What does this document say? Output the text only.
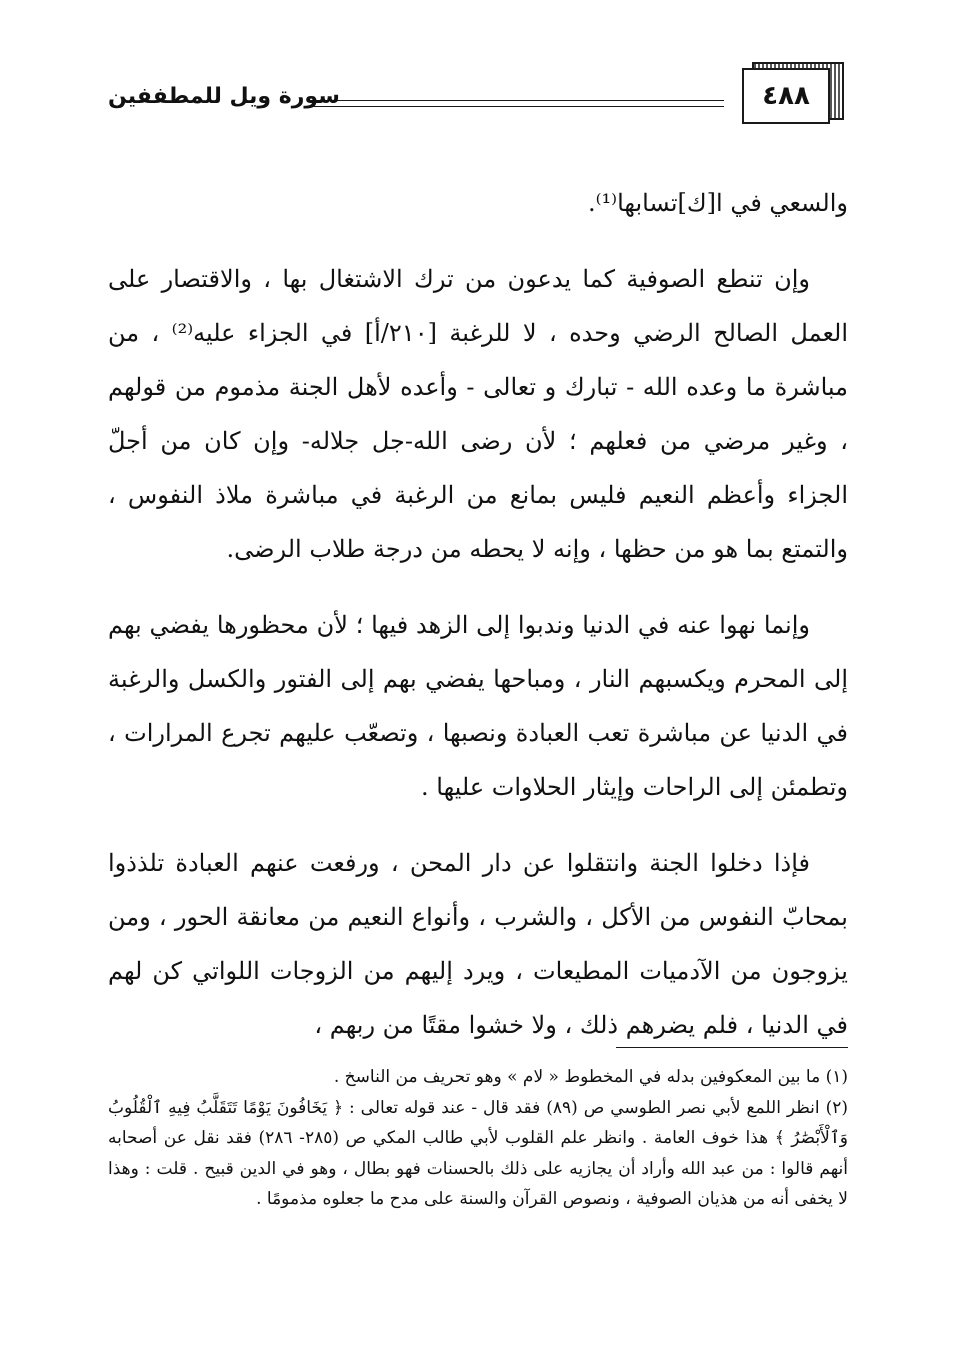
٤٨٨
سورة ويل للمطففين

والسعي في ا[ك]تسابها⁽¹⁾.

وإن تنطع الصوفية كما يدعون من ترك الاشتغال بها ، والاقتصار على العمل الصالح الرضي وحده ، لا للرغبة [٢١٠/أ] في الجزاء عليه⁽²⁾ ، من مباشرة ما وعده الله - تبارك و تعالى - وأعده لأهل الجنة مذموم من قولهم ، وغير مرضي من فعلهم ؛ لأن رضى الله-جل جلاله- وإن كان من أجلّ الجزاء وأعظم النعيم فليس بمانع من الرغبة في مباشرة ملاذ النفوس ، والتمتع بما هو من حظها ، وإنه لا يحطه من درجة طلاب الرضى.

وإنما نهوا عنه في الدنيا وندبوا إلى الزهد فيها ؛ لأن محظورها يفضي بهم إلى المحرم ويكسبهم النار ، ومباحها يفضي بهم إلى الفتور والكسل والرغبة في الدنيا عن مباشرة تعب العبادة ونصبها ، وتصعّب عليهم تجرع المرارات ، وتطمئن إلى الراحات وإيثار الحلاوات عليها .

فإذا دخلوا الجنة وانتقلوا عن دار المحن ، ورفعت عنهم العبادة تلذذوا بمحابّ النفوس من الأكل ، والشرب ، وأنواع النعيم من معانقة الحور ، ومن يزوجون من الآدميات المطيعات ، ويرد إليهم من الزوجات اللواتي كن لهم في الدنيا ، فلم يضرهم ذلك ، ولا خشوا مقتًا من ربهم ،

(١) ما بين المعكوفين بدله في المخطوط « لام » وهو تحريف من الناسخ .

(٢) انظر اللمع لأبي نصر الطوسي ص (٨٩) فقد قال - عند قوله تعالى : ﴿ يَخَافُونَ يَوْمًا تَتَقَلَّبُ فِيهِ ٱلْقُلُوبُ وَٱلْأَبْصَٰرُ ﴾ هذا خوف العامة . وانظر علم القلوب لأبي طالب المكي ص (٢٨٥- ٢٨٦) فقد نقل عن أصحابه أنهم قالوا : من عبد الله وأراد أن يجازيه على ذلك بالحسنات فهو بطال ، وهو في الدين قبيح . قلت : وهذا لا يخفى أنه من هذيان الصوفية ، ونصوص القرآن والسنة على مدح ما جعلوه مذمومًا .
